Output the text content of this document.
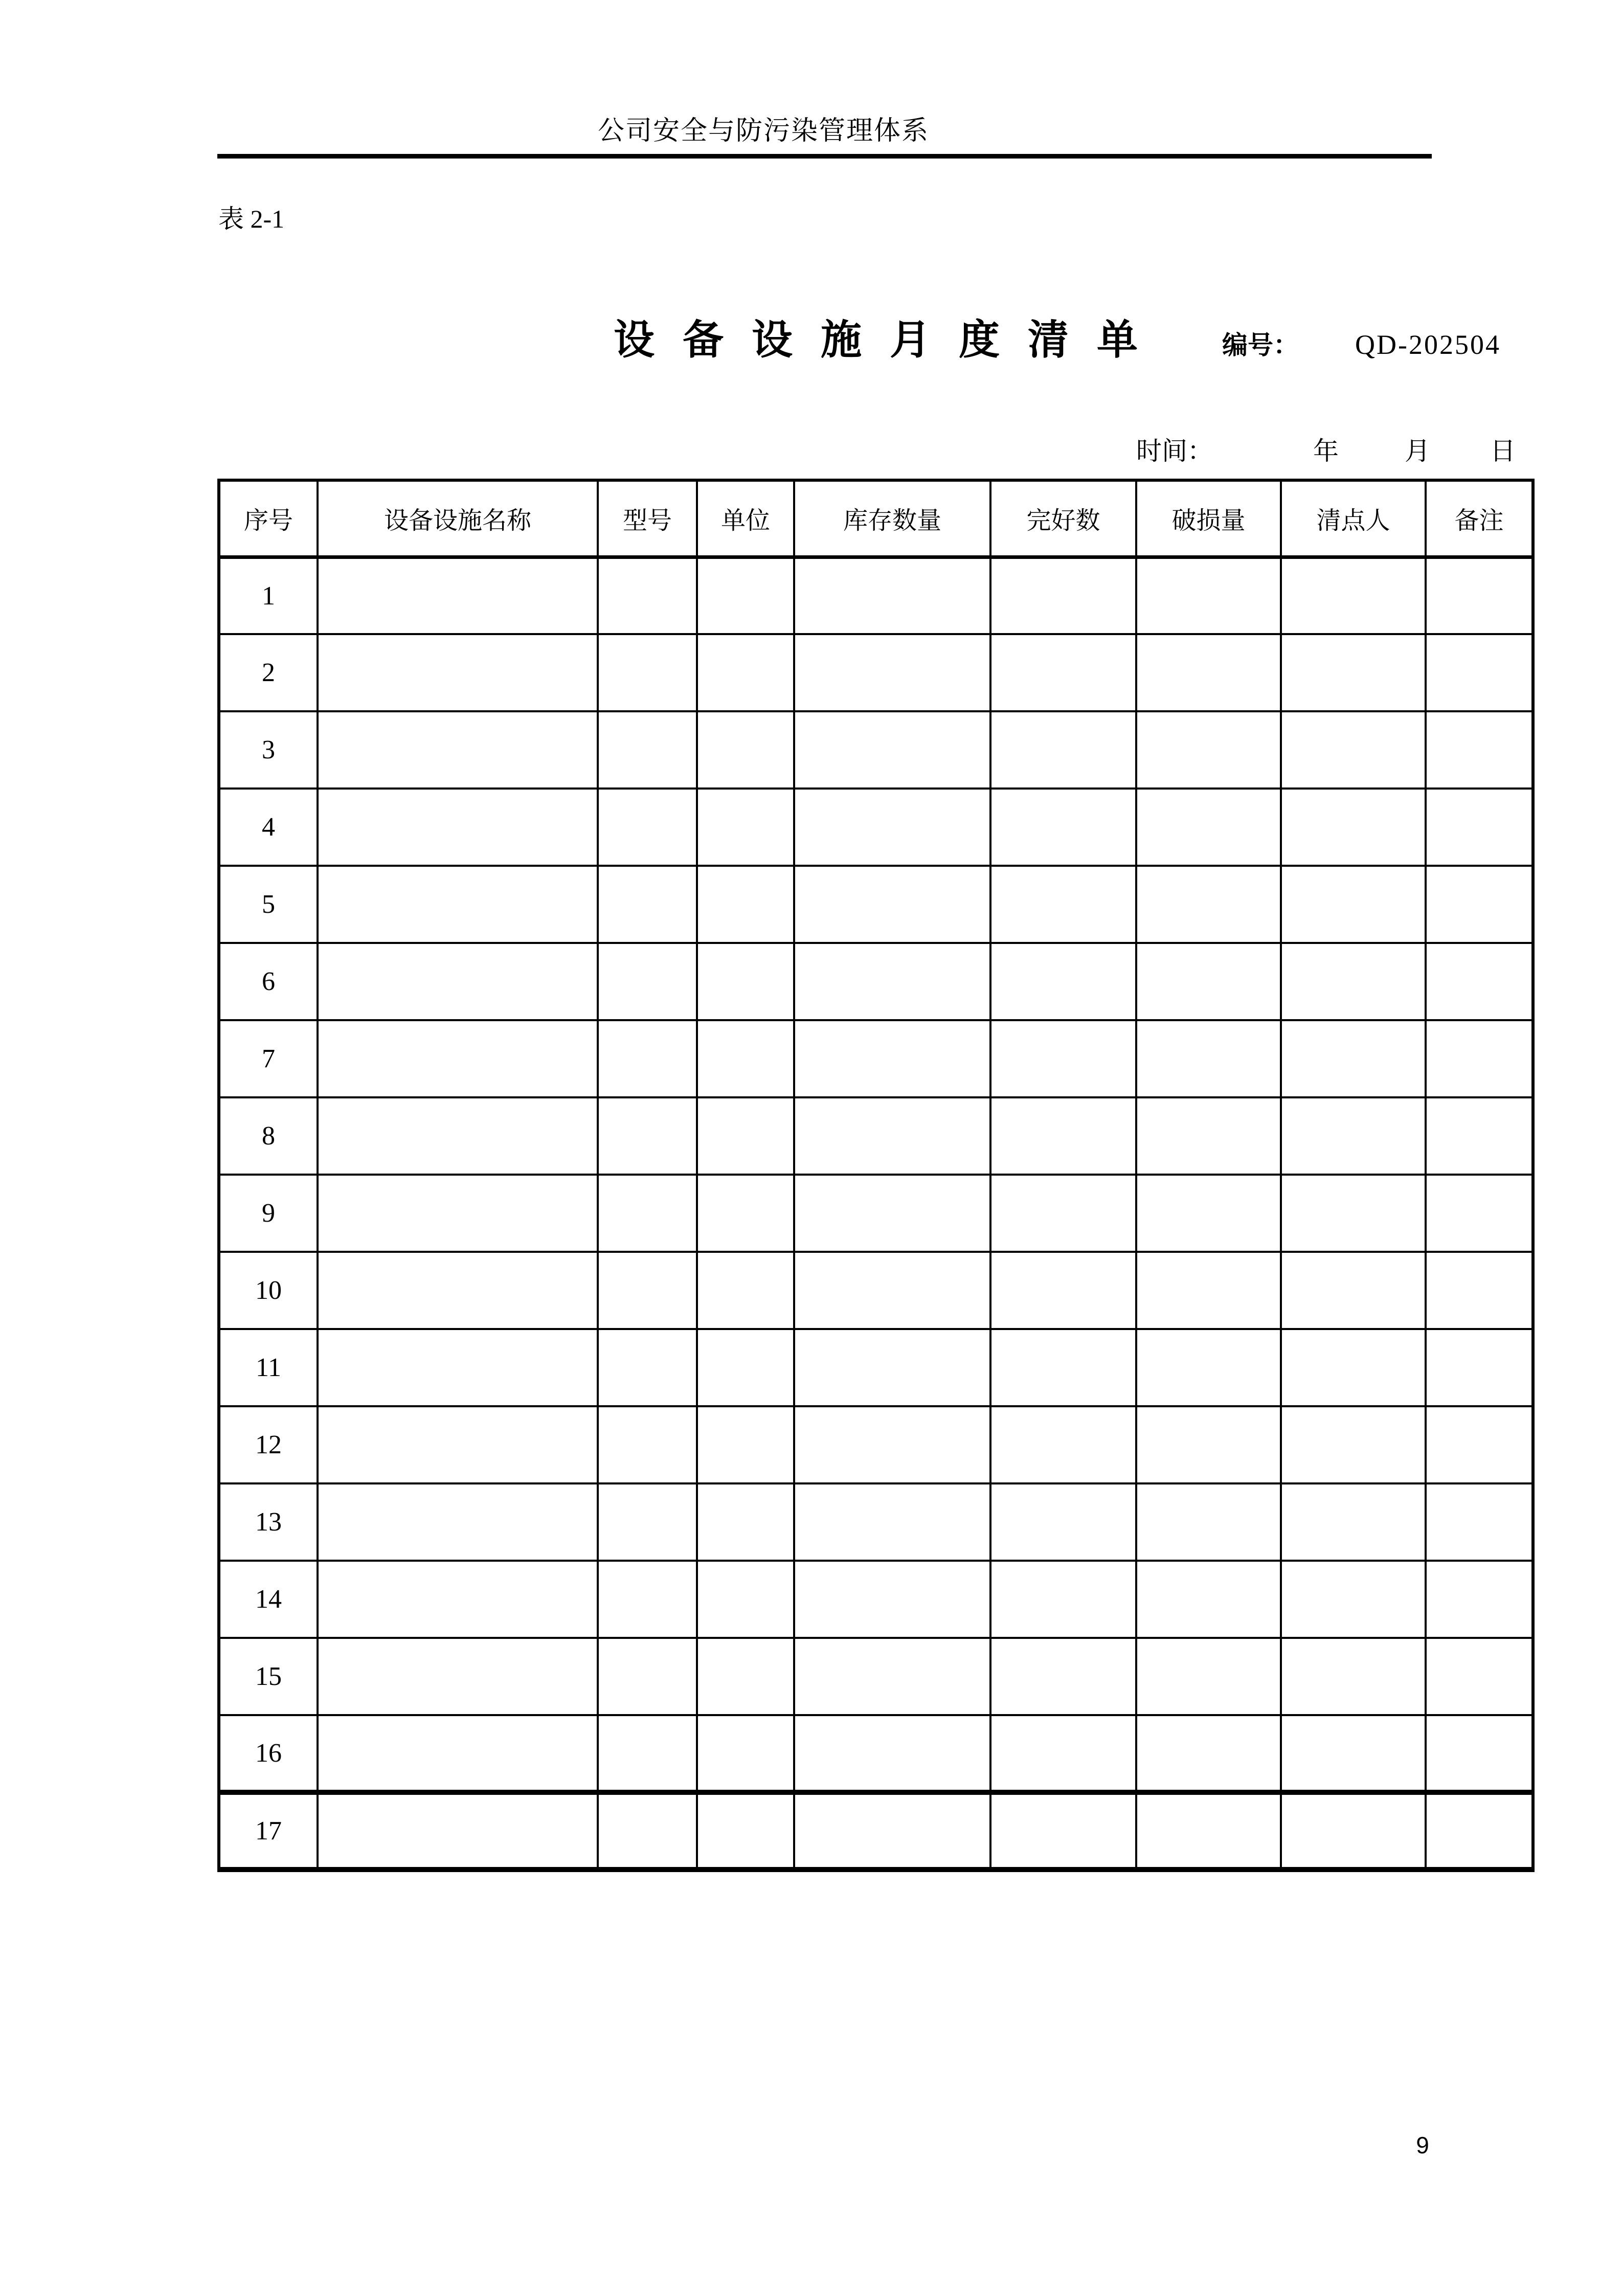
公司安全与防污染管理体系
表 2-1
设 备 设 施 月 度 清 单	编号： QD-202504
时间：	年	月 日
序号	设备设施名称	型号	单位	库存数量	完好数	破损量	清点人	备注
1								
2								
3								
4								
5								
6								
7								
8								
9								
10								
11								
12								
13								
14								
15								
16								
17								
9
